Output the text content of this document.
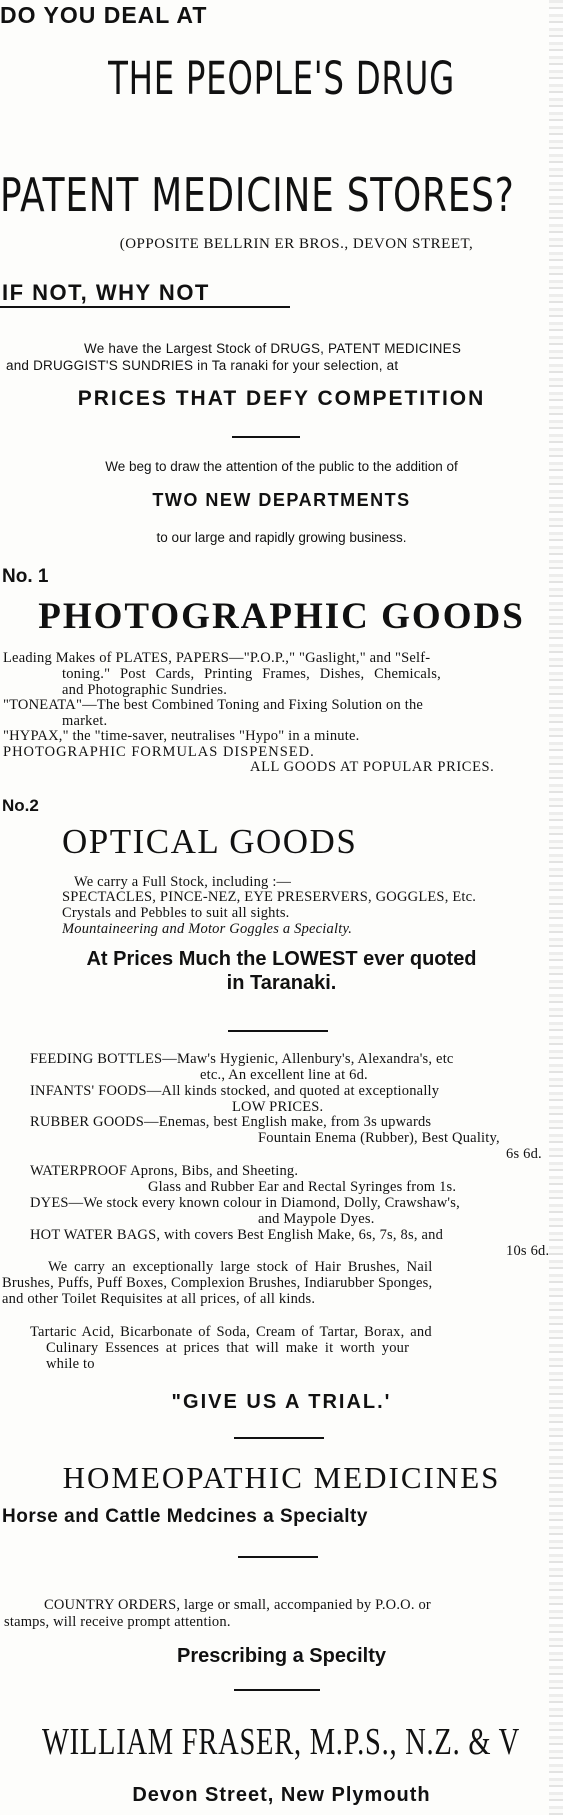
DO YOU DEAL AT
THE PEOPLE'S DRUG
PATENT MEDICINE STORES?
(OPPOSITE BELLRIN ER BROS., DEVON STREET,
IF NOT, WHY NOT
We have the Largest Stock of DRUGS, PATENT MEDICINES
and DRUGGIST'S SUNDRIES in Ta ranaki for your selection, at
PRICES THAT DEFY COMPETITION
We beg to draw the attention of the public to the addition of
TWO NEW DEPARTMENTS
to our large and rapidly growing business.
No. 1
PHOTOGRAPHIC GOODS
Leading Makes of PLATES, PAPERS—"P.O.P.," "Gaslight," and "Self-
toning." Post Cards, Printing Frames, Dishes, Chemicals,
and Photographic Sundries.
"TONEATA"—The best Combined Toning and Fixing Solution on the
market.
"HYPAX," the "time-saver, neutralises "Hypo" in a minute.
PHOTOGRAPHIC FORMULAS DISPENSED.
ALL GOODS AT POPULAR PRICES.
No.2
OPTICAL GOODS
We carry a Full Stock, including :—
SPECTACLES, PINCE-NEZ, EYE PRESERVERS, GOGGLES, Etc.
Crystals and Pebbles to suit all sights.
Mountaineering and Motor Goggles a Specialty.
At Prices Much the LOWEST ever quoted
in Taranaki.
FEEDING BOTTLES—Maw's Hygienic, Allenbury's, Alexandra's, etc
etc., An excellent line at 6d.
INFANTS' FOODS—All kinds stocked, and quoted at exceptionally
LOW PRICES.
RUBBER GOODS—Enemas, best English make, from 3s upwards
Fountain Enema (Rubber), Best Quality,
6s 6d.
WATERPROOF Aprons, Bibs, and Sheeting.
Glass and Rubber Ear and Rectal Syringes from 1s.
DYES—We stock every known colour in Diamond, Dolly, Crawshaw's,
and Maypole Dyes.
HOT WATER BAGS, with covers Best English Make, 6s, 7s, 8s, and
10s 6d.
We carry an exceptionally large stock of Hair Brushes, Nail
Brushes, Puffs, Puff Boxes, Complexion Brushes, Indiarubber Sponges,
and other Toilet Requisites at all prices, of all kinds.
Tartaric Acid, Bicarbonate of Soda, Cream of Tartar, Borax, and
Culinary Essences at prices that will make it worth your
while to
"GIVE US A TRIAL.'
HOMEOPATHIC MEDICINES
Horse and Cattle Medcines a Specialty
COUNTRY ORDERS, large or small, accompanied by P.O.O. or
stamps, will receive prompt attention.
Prescribing a Specilty
WILLIAM FRASER, M.P.S., N.Z. & V
Devon Street, New Plymouth
